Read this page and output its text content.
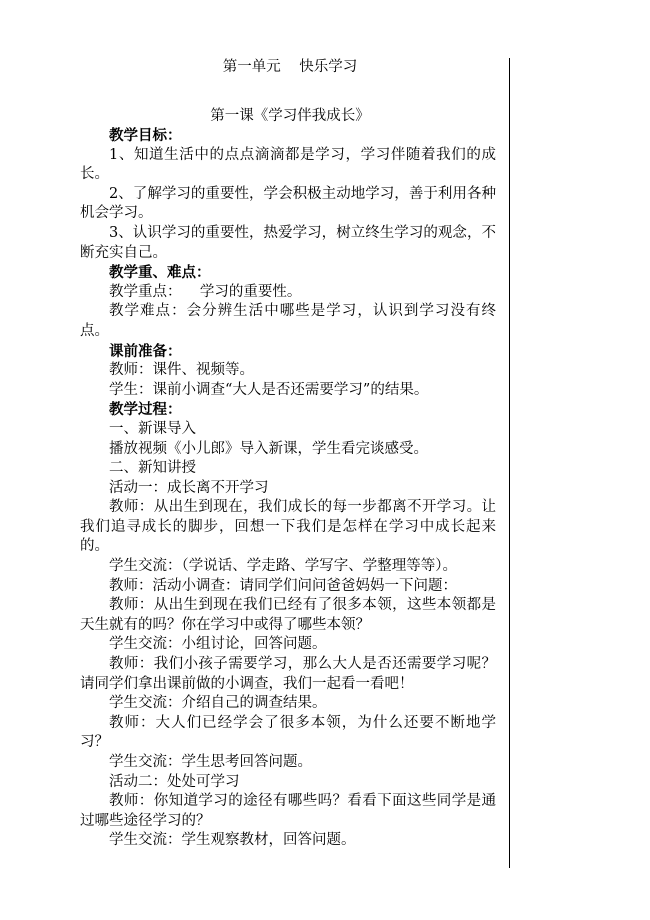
第一单元    快乐学习
第一课《学习伴我成长》

教学目标：

1、知道生活中的点点滴滴都是学习，学习伴随着我们的成长。

2、了解学习的重要性，学会积极主动地学习，善于利用各种机会学习。

3、认识学习的重要性，热爱学习，树立终生学习的观念，不断充实自己。

教学重、难点：

教学重点：    学习的重要性。

教学难点：会分辨生活中哪些是学习，认识到学习没有终点。

课前准备：

教师：课件、视频等。

学生：课前小调查“大人是否还需要学习”的结果。

教学过程：

一、新课导入

播放视频《小儿郎》导入新课，学生看完谈感受。

二、新知讲授

活动一：成长离不开学习

教师：从出生到现在，我们成长的每一步都离不开学习。让我们追寻成长的脚步，回想一下我们是怎样在学习中成长起来的。

学生交流：（学说话、学走路、学写字、学整理等等）。

教师：活动小调查：请同学们问问爸爸妈妈一下问题：

教师：从出生到现在我们已经有了很多本领，这些本领都是天生就有的吗？你在学习中或得了哪些本领？

学生交流：小组讨论，回答问题。

教师：我们小孩子需要学习，那么大人是否还需要学习呢？请同学们拿出课前做的小调查，我们一起看一看吧！

学生交流：介绍自己的调查结果。

教师：大人们已经学会了很多本领，为什么还要不断地学习？

学生交流：学生思考回答问题。

活动二：处处可学习

教师：你知道学习的途径有哪些吗？看看下面这些同学是通过哪些途径学习的？

学生交流：学生观察教材，回答问题。
